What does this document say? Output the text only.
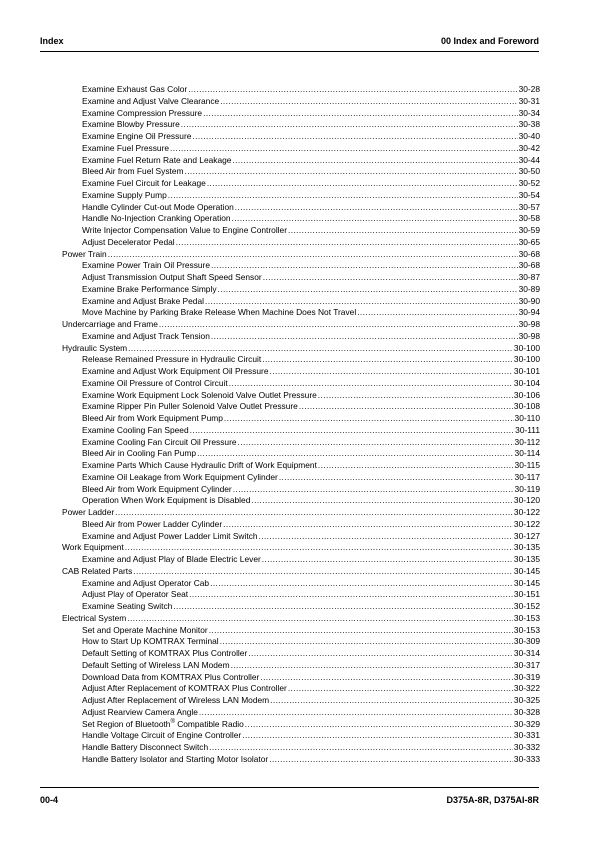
Index	00 Index and Foreword
Examine Exhaust Gas Color .....	30-28
Examine and Adjust Valve Clearance .....	30-31
Examine Compression Pressure .....	30-34
Examine Blowby Pressure .....	30-38
Examine Engine Oil Pressure .....	30-40
Examine Fuel Pressure .....	30-42
Examine Fuel Return Rate and Leakage .....	30-44
Bleed Air from Fuel System .....	30-50
Examine Fuel Circuit for Leakage .....	30-52
Examine Supply Pump .....	30-54
Handle Cylinder Cut-out Mode Operation .....	30-57
Handle No-Injection Cranking Operation .....	30-58
Write Injector Compensation Value to Engine Controller .....	30-59
Adjust Decelerator Pedal .....	30-65
Power Train .....	30-68
Examine Power Train Oil Pressure .....	30-68
Adjust Transmission Output Shaft Speed Sensor .....	30-87
Examine Brake Performance Simply .....	30-89
Examine and Adjust Brake Pedal .....	30-90
Move Machine by Parking Brake Release When Machine Does Not Travel .....	30-94
Undercarriage and Frame .....	30-98
Examine and Adjust Track Tension .....	30-98
Hydraulic System .....	30-100
Release Remained Pressure in Hydraulic Circuit .....	30-100
Examine and Adjust Work Equipment Oil Pressure .....	30-101
Examine Oil Pressure of Control Circuit .....	30-104
Examine Work Equipment Lock Solenoid Valve Outlet Pressure .....	30-106
Examine Ripper Pin Puller Solenoid Valve Outlet Pressure .....	30-108
Bleed Air from Work Equipment Pump .....	30-110
Examine Cooling Fan Speed .....	30-111
Examine Cooling Fan Circuit Oil Pressure .....	30-112
Bleed Air in Cooling Fan Pump .....	30-114
Examine Parts Which Cause Hydraulic Drift of Work Equipment .....	30-115
Examine Oil Leakage from Work Equipment Cylinder .....	30-117
Bleed Air from Work Equipment Cylinder .....	30-119
Operation When Work Equipment is Disabled .....	30-120
Power Ladder .....	30-122
Bleed Air from Power Ladder Cylinder .....	30-122
Examine and Adjust Power Ladder Limit Switch .....	30-127
Work Equipment .....	30-135
Examine and Adjust Play of Blade Electric Lever .....	30-135
CAB Related Parts .....	30-145
Examine and Adjust Operator Cab .....	30-145
Adjust Play of Operator Seat .....	30-151
Examine Seating Switch .....	30-152
Electrical System .....	30-153
Set and Operate Machine Monitor .....	30-153
How to Start Up KOMTRAX Terminal .....	30-309
Default Setting of KOMTRAX Plus Controller .....	30-314
Default Setting of Wireless LAN Modem .....	30-317
Download Data from KOMTRAX Plus Controller .....	30-319
Adjust After Replacement of KOMTRAX Plus Controller .....	30-322
Adjust After Replacement of Wireless LAN Modem .....	30-325
Adjust Rearview Camera Angle .....	30-328
Set Region of Bluetooth® Compatible Radio .....	30-329
Handle Voltage Circuit of Engine Controller .....	30-331
Handle Battery Disconnect Switch .....	30-332
Handle Battery Isolator and Starting Motor Isolator .....	30-333
00-4	D375A-8R, D375AI-8R
